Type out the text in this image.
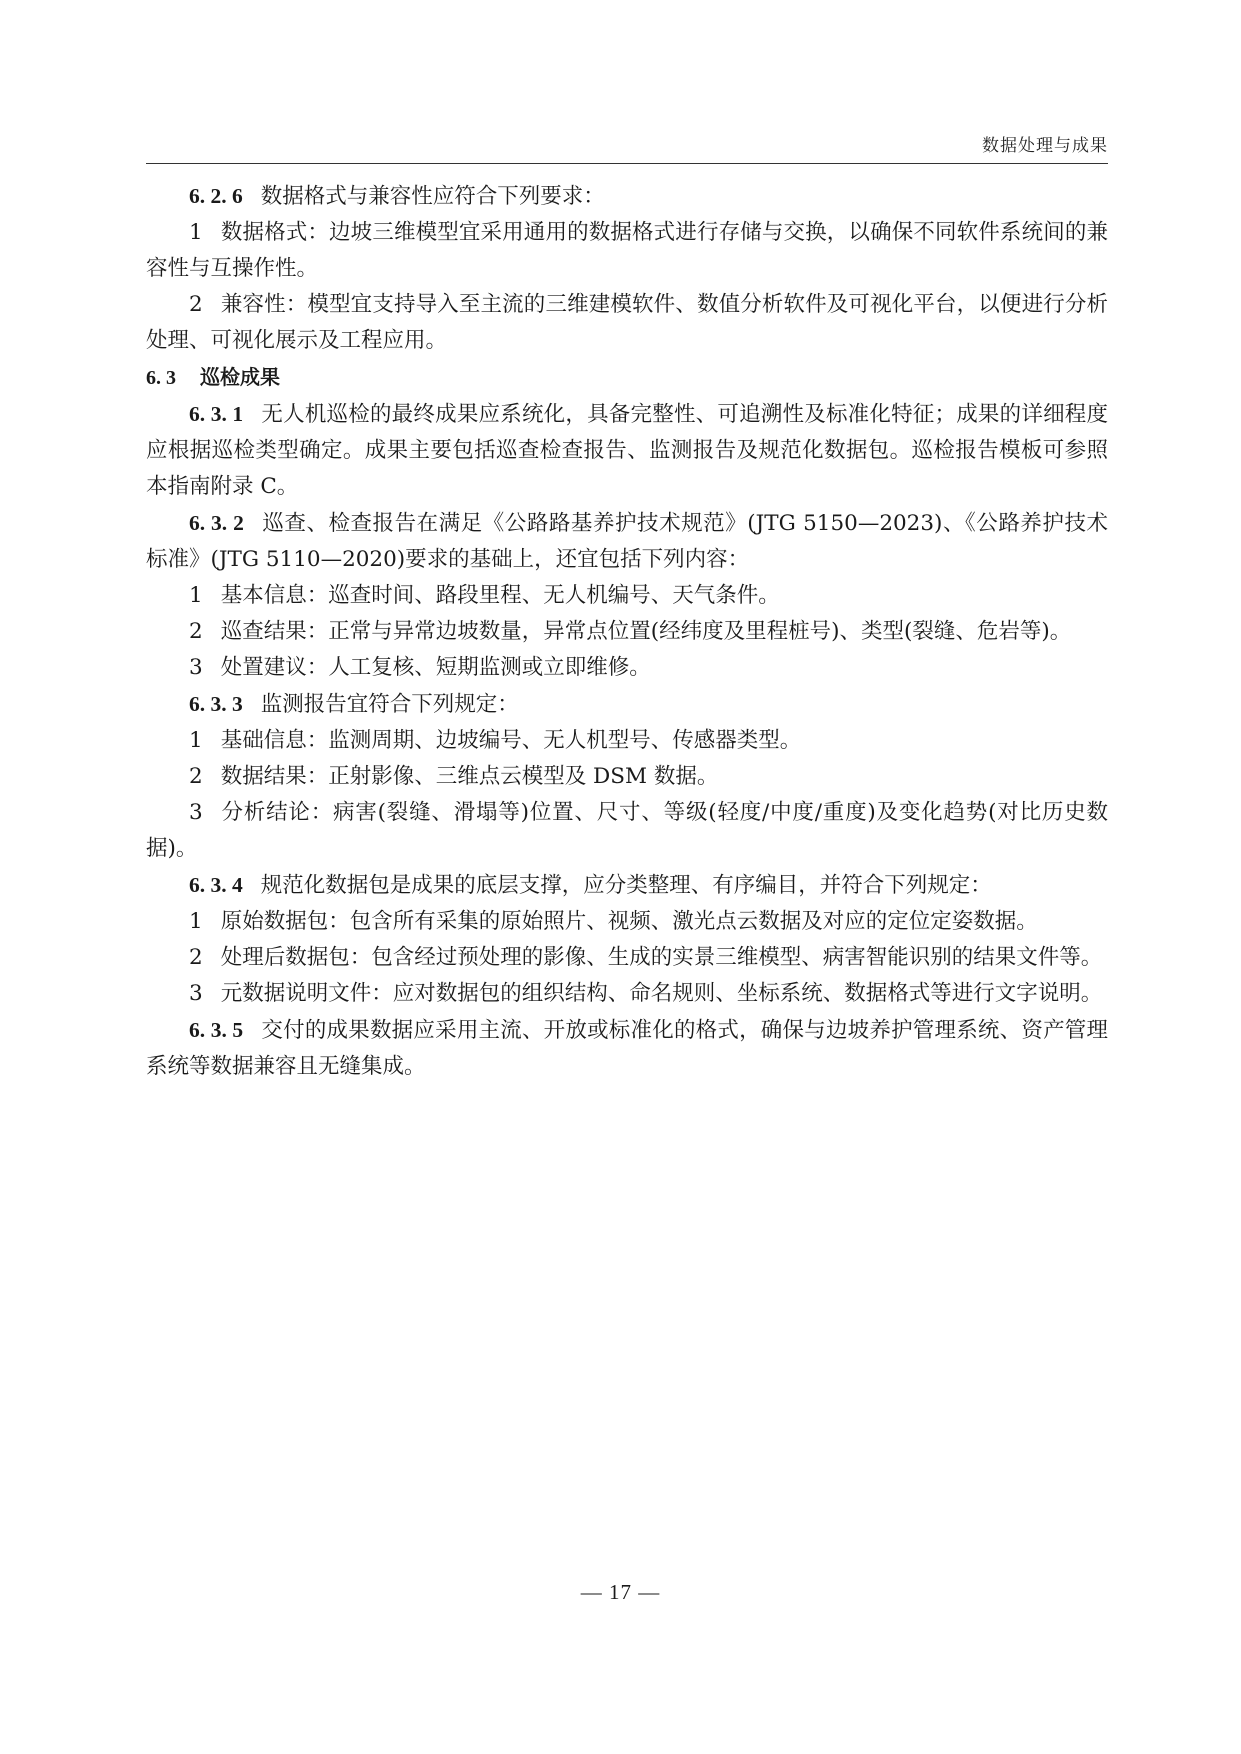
数据处理与成果

6. 2. 6 数据格式与兼容性应符合下列要求：

1 数据格式：边坡三维模型宜采用通用的数据格式进行存储与交换，以确保不同软件系统间的兼容性与互操作性。

2 兼容性：模型宜支持导入至主流的三维建模软件、数值分析软件及可视化平台，以便进行分析处理、可视化展示及工程应用。

6. 3 巡检成果

6. 3. 1 无人机巡检的最终成果应系统化，具备完整性、可追溯性及标准化特征；成果的详细程度应根据巡检类型确定。成果主要包括巡查检查报告、监测报告及规范化数据包。巡检报告模板可参照本指南附录 C。

6. 3. 2 巡查、检查报告在满足《公路路基养护技术规范》(JTG 5150—2023)、《公路养护技术标准》(JTG 5110—2020)要求的基础上，还宜包括下列内容：

1 基本信息：巡查时间、路段里程、无人机编号、天气条件。

2 巡查结果：正常与异常边坡数量，异常点位置(经纬度及里程桩号)、类型(裂缝、危岩等)。

3 处置建议：人工复核、短期监测或立即维修。

6. 3. 3 监测报告宜符合下列规定：

1 基础信息：监测周期、边坡编号、无人机型号、传感器类型。

2 数据结果：正射影像、三维点云模型及 DSM 数据。

3 分析结论：病害(裂缝、滑塌等)位置、尺寸、等级(轻度/中度/重度)及变化趋势(对比历史数据)。

6. 3. 4 规范化数据包是成果的底层支撑，应分类整理、有序编目，并符合下列规定：

1 原始数据包：包含所有采集的原始照片、视频、激光点云数据及对应的定位定姿数据。

2 处理后数据包：包含经过预处理的影像、生成的实景三维模型、病害智能识别的结果文件等。

3 元数据说明文件：应对数据包的组织结构、命名规则、坐标系统、数据格式等进行文字说明。

6. 3. 5 交付的成果数据应采用主流、开放或标准化的格式，确保与边坡养护管理系统、资产管理系统等数据兼容且无缝集成。

— 17 —
